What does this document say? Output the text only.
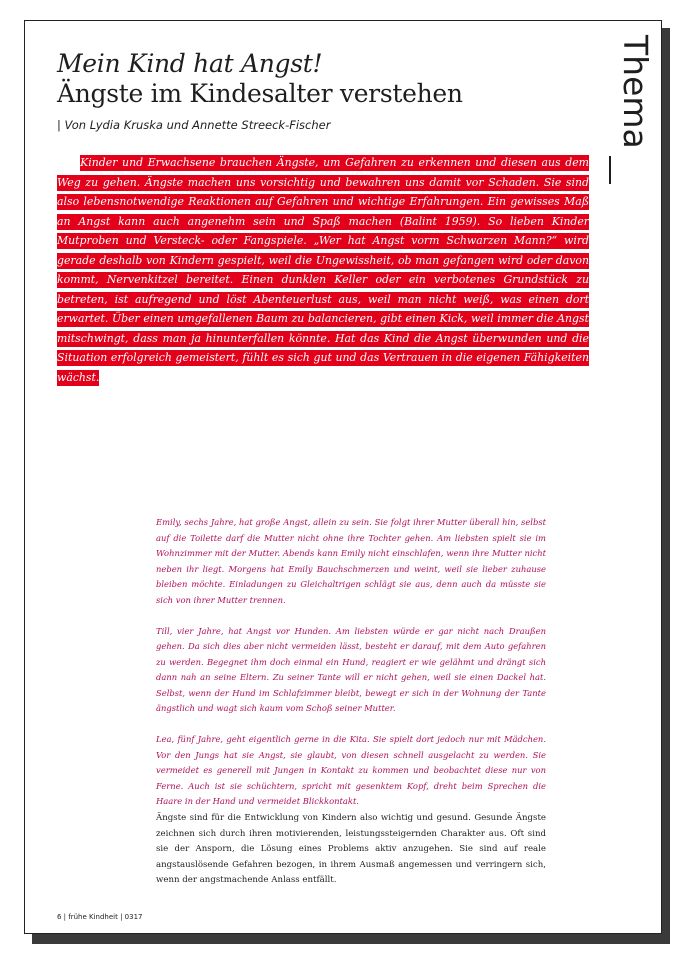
Mein Kind hat Angst!
Ängste im Kindesalter verstehen
| Von Lydia Kruska und Annette Streeck-Fischer	Thema

Kinder und Erwachsene brauchen Ängste, um Gefahren zu erkennen und diesen aus dem Weg zu gehen. Ängste machen uns vorsichtig und bewahren uns damit vor Schaden. Sie sind also lebensnotwendige Reaktionen auf Gefahren und wichtige Erfahrungen. Ein gewisses Maß an Angst kann auch angenehm sein und Spaß machen (Balint 1959). So lieben Kinder Mutproben und Versteck- oder Fangspiele. „Wer hat Angst vorm Schwarzen Mann?“ wird gerade deshalb von Kindern gespielt, weil die Ungewissheit, ob man gefangen wird oder davon kommt, Nervenkitzel bereitet. Einen dunklen Keller oder ein verbotenes Grundstück zu betreten, ist aufregend und löst Abenteuerlust aus, weil man nicht weiß, was einen dort erwartet. Über einen umgefallenen Baum zu balancieren, gibt einen Kick, weil immer die Angst mitschwingt, dass man ja hinunterfallen könnte. Hat das Kind die Angst überwunden und die Situation erfolgreich gemeistert, fühlt es sich gut und das Vertrauen in die eigenen Fähigkeiten wächst.

Emily, sechs Jahre, hat große Angst, allein zu sein. Sie folgt ihrer Mutter überall hin, selbst auf die Toilette darf die Mutter nicht ohne ihre Tochter gehen. Am liebsten spielt sie im Wohnzimmer mit der Mutter. Abends kann Emily nicht einschlafen, wenn ihre Mutter nicht neben ihr liegt. Morgens hat Emily Bauchschmerzen und weint, weil sie lieber zuhause bleiben möchte. Einladungen zu Gleichaltrigen schlägt sie aus, denn auch da müsste sie sich von ihrer Mutter trennen.

Till, vier Jahre, hat Angst vor Hunden. Am liebsten würde er gar nicht nach Draußen gehen. Da sich dies aber nicht vermeiden lässt, besteht er darauf, mit dem Auto gefahren zu werden. Begegnet ihm doch einmal ein Hund, reagiert er wie gelähmt und drängt sich dann nah an seine Eltern. Zu seiner Tante will er nicht gehen, weil sie einen Dackel hat. Selbst, wenn der Hund im Schlafzimmer bleibt, bewegt er sich in der Wohnung der Tante ängstlich und wagt sich kaum vom Schoß seiner Mutter.

Lea, fünf Jahre, geht eigentlich gerne in die Kita. Sie spielt dort jedoch nur mit Mädchen. Vor den Jungs hat sie Angst, sie glaubt, von diesen schnell ausgelacht zu werden. Sie vermeidet es generell mit Jungen in Kontakt zu kommen und beobachtet diese nur von Ferne. Auch ist sie schüchtern, spricht mit gesenktem Kopf, dreht beim Sprechen die Haare in der Hand und vermeidet Blickkontakt.

Ängste sind für die Entwicklung von Kindern also wichtig und gesund. Gesunde Ängste zeichnen sich durch ihren motivierenden, leistungssteigernden Charakter aus. Oft sind sie der Ansporn, die Lösung eines Problems aktiv anzugehen. Sie sind auf reale angstauslösende Gefahren bezogen, in ihrem Ausmaß angemessen und verringern sich, wenn der angstmachende Anlass entfällt.

6 | frühe Kindheit | 0317
